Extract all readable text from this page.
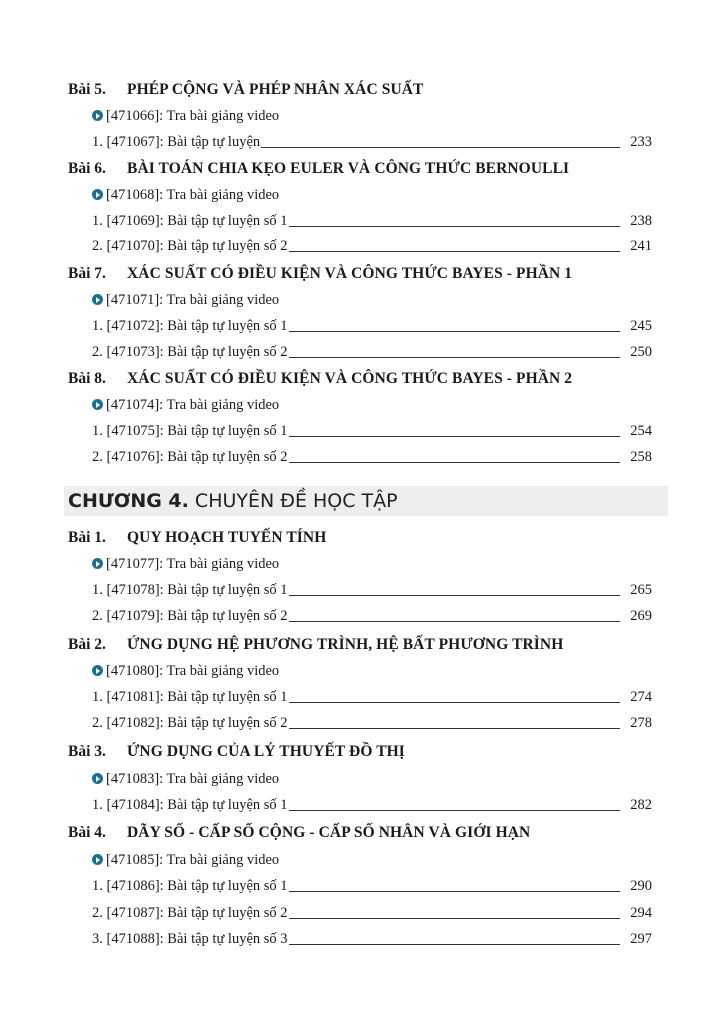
Bài 5. PHÉP CỘNG VÀ PHÉP NHÂN XÁC SUẤT
[471066]: Tra bài giảng video
1. [471067]: Bài tập tự luyện	233
Bài 6. BÀI TOÁN CHIA KẸO EULER VÀ CÔNG THỨC BERNOULLI
[471068]: Tra bài giảng video
1. [471069]: Bài tập tự luyện số 1	238
2. [471070]: Bài tập tự luyện số 2	241
Bài 7. XÁC SUẤT CÓ ĐIỀU KIỆN VÀ CÔNG THỨC BAYES - PHẦN 1
[471071]: Tra bài giảng video
1. [471072]: Bài tập tự luyện số 1	245
2. [471073]: Bài tập tự luyện số 2	250
Bài 8. XÁC SUẤT CÓ ĐIỀU KIỆN VÀ CÔNG THỨC BAYES - PHẦN 2
[471074]: Tra bài giảng video
1. [471075]: Bài tập tự luyện số 1	254
2. [471076]: Bài tập tự luyện số 2	258
CHƯƠNG 4. CHUYÊN ĐỀ HỌC TẬP
Bài 1. QUY HOẠCH TUYẾN TÍNH
[471077]: Tra bài giảng video
1. [471078]: Bài tập tự luyện số 1	265
2. [471079]: Bài tập tự luyện số 2	269
Bài 2. ỨNG DỤNG HỆ PHƯƠNG TRÌNH, HỆ BẤT PHƯƠNG TRÌNH
[471080]: Tra bài giảng video
1. [471081]: Bài tập tự luyện số 1	274
2. [471082]: Bài tập tự luyện số 2	278
Bài 3. ỨNG DỤNG CỦA LÝ THUYẾT ĐỒ THỊ
[471083]: Tra bài giảng video
1. [471084]: Bài tập tự luyện số 1	282
Bài 4. DÃY SỐ - CẤP SỐ CỘNG - CẤP SỐ NHÂN VÀ GIỚI HẠN
[471085]: Tra bài giảng video
1. [471086]: Bài tập tự luyện số 1	290
2. [471087]: Bài tập tự luyện số 2	294
3. [471088]: Bài tập tự luyện số 3	297
